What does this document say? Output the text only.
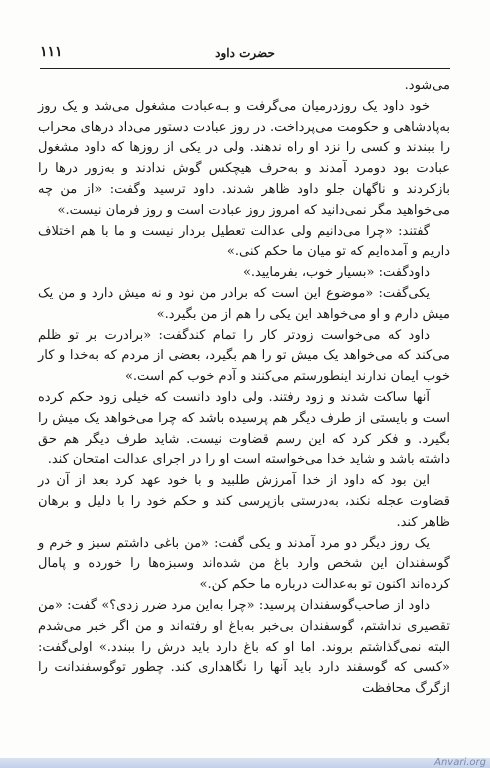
حضرت داود
۱۱۱

می‌شود.

خود داود یک روزدرمیان ‌می‌گرفت و بـه‌عبادت مشغول می‌شد و یک روز به‌پادشاهی و حکومت می‌پرداخت. در روز عبادت دستور می‌داد درهای محراب را ببندند و کسی را نزد او راه ندهند. ولی در یکی از روزها که داود مشغول عبادت بود دومرد آمدند و به‌حرف هیچکس گوش ندادند و به‌زور درها را بازکردند و ناگهان جلو داود ظاهر شدند. داود ترسید وگفت: «از من چه می‌خواهید مگر نمی‌دانید که امروز روز عبادت است و روز فرمان نیست.»

گفتند: «چرا می‌دانیم ولی عدالت تعطیل بردار نیست و ما با هم اختلاف داریم و آمده‌ایم که تو میان ما حکم کنی.»

داودگفت: «بسیار خوب، بفرمایید.»

یکی‌گفت: «موضوع این است که برادر من نود و نه میش دارد و من یک میش دارم و او می‌خواهد این یکی را هم از من بگیرد.»

داود که می‌خواست زودتر کار را تمام کندگفت: «برادرت بر تو ظلم می‌کند که می‌خواهد یک میش تو را هم بگیرد، بعضی از مردم که به‌خدا و کار خوب ایمان ندارند اینطورستم می‌کنند و آدم خوب کم است.»

آنها ساکت شدند و زود رفتند. ولی داود دانست که خیلی زود حکم کرده است و بایستی از طرف دیگر هم پرسیده باشد که چرا می‌خواهد یک میش را بگیرد. و فکر کرد که این رسم قضاوت نیست. شاید طرف دیگر هم حق داشته باشد و شاید خدا می‌خواسته است او را در اجرای عدالت امتحان کند.

این بود که داود از خدا آمرزش طلبید و با خود عهد کرد بعد از آن در قضاوت عجله نکند، به‌درستی بازپرسی کند و حکم خود را با دلیل و برهان ظاهر کند.

یک روز دیگر دو مرد آمدند و یکی گفت: «من باغی داشتم سبز و خرم و گوسفندان این شخص وارد باغ من شده‌اند وسبزه‌ها را خورده و پامال کرده‌اند اکنون تو به‌عدالت درباره ما حکم کن.»

داود از صاحب‌گوسفندان پرسید: «چرا به‌این مرد ضرر زدی؟» گفت: «من تقصیری نداشتم، گوسفندان بی‌خبر به‌باغ او رفته‌اند و من اگر خبر می‌شدم البته نمی‌گذاشتم بروند. اما او که باغ دارد باید درش را ببندد.» اولی‌گفت: «کسی که گوسفند دارد باید آنها را نگاهداری کند. چطور توگوسفندانت را ازگرگ محافظت

Anvari.org
